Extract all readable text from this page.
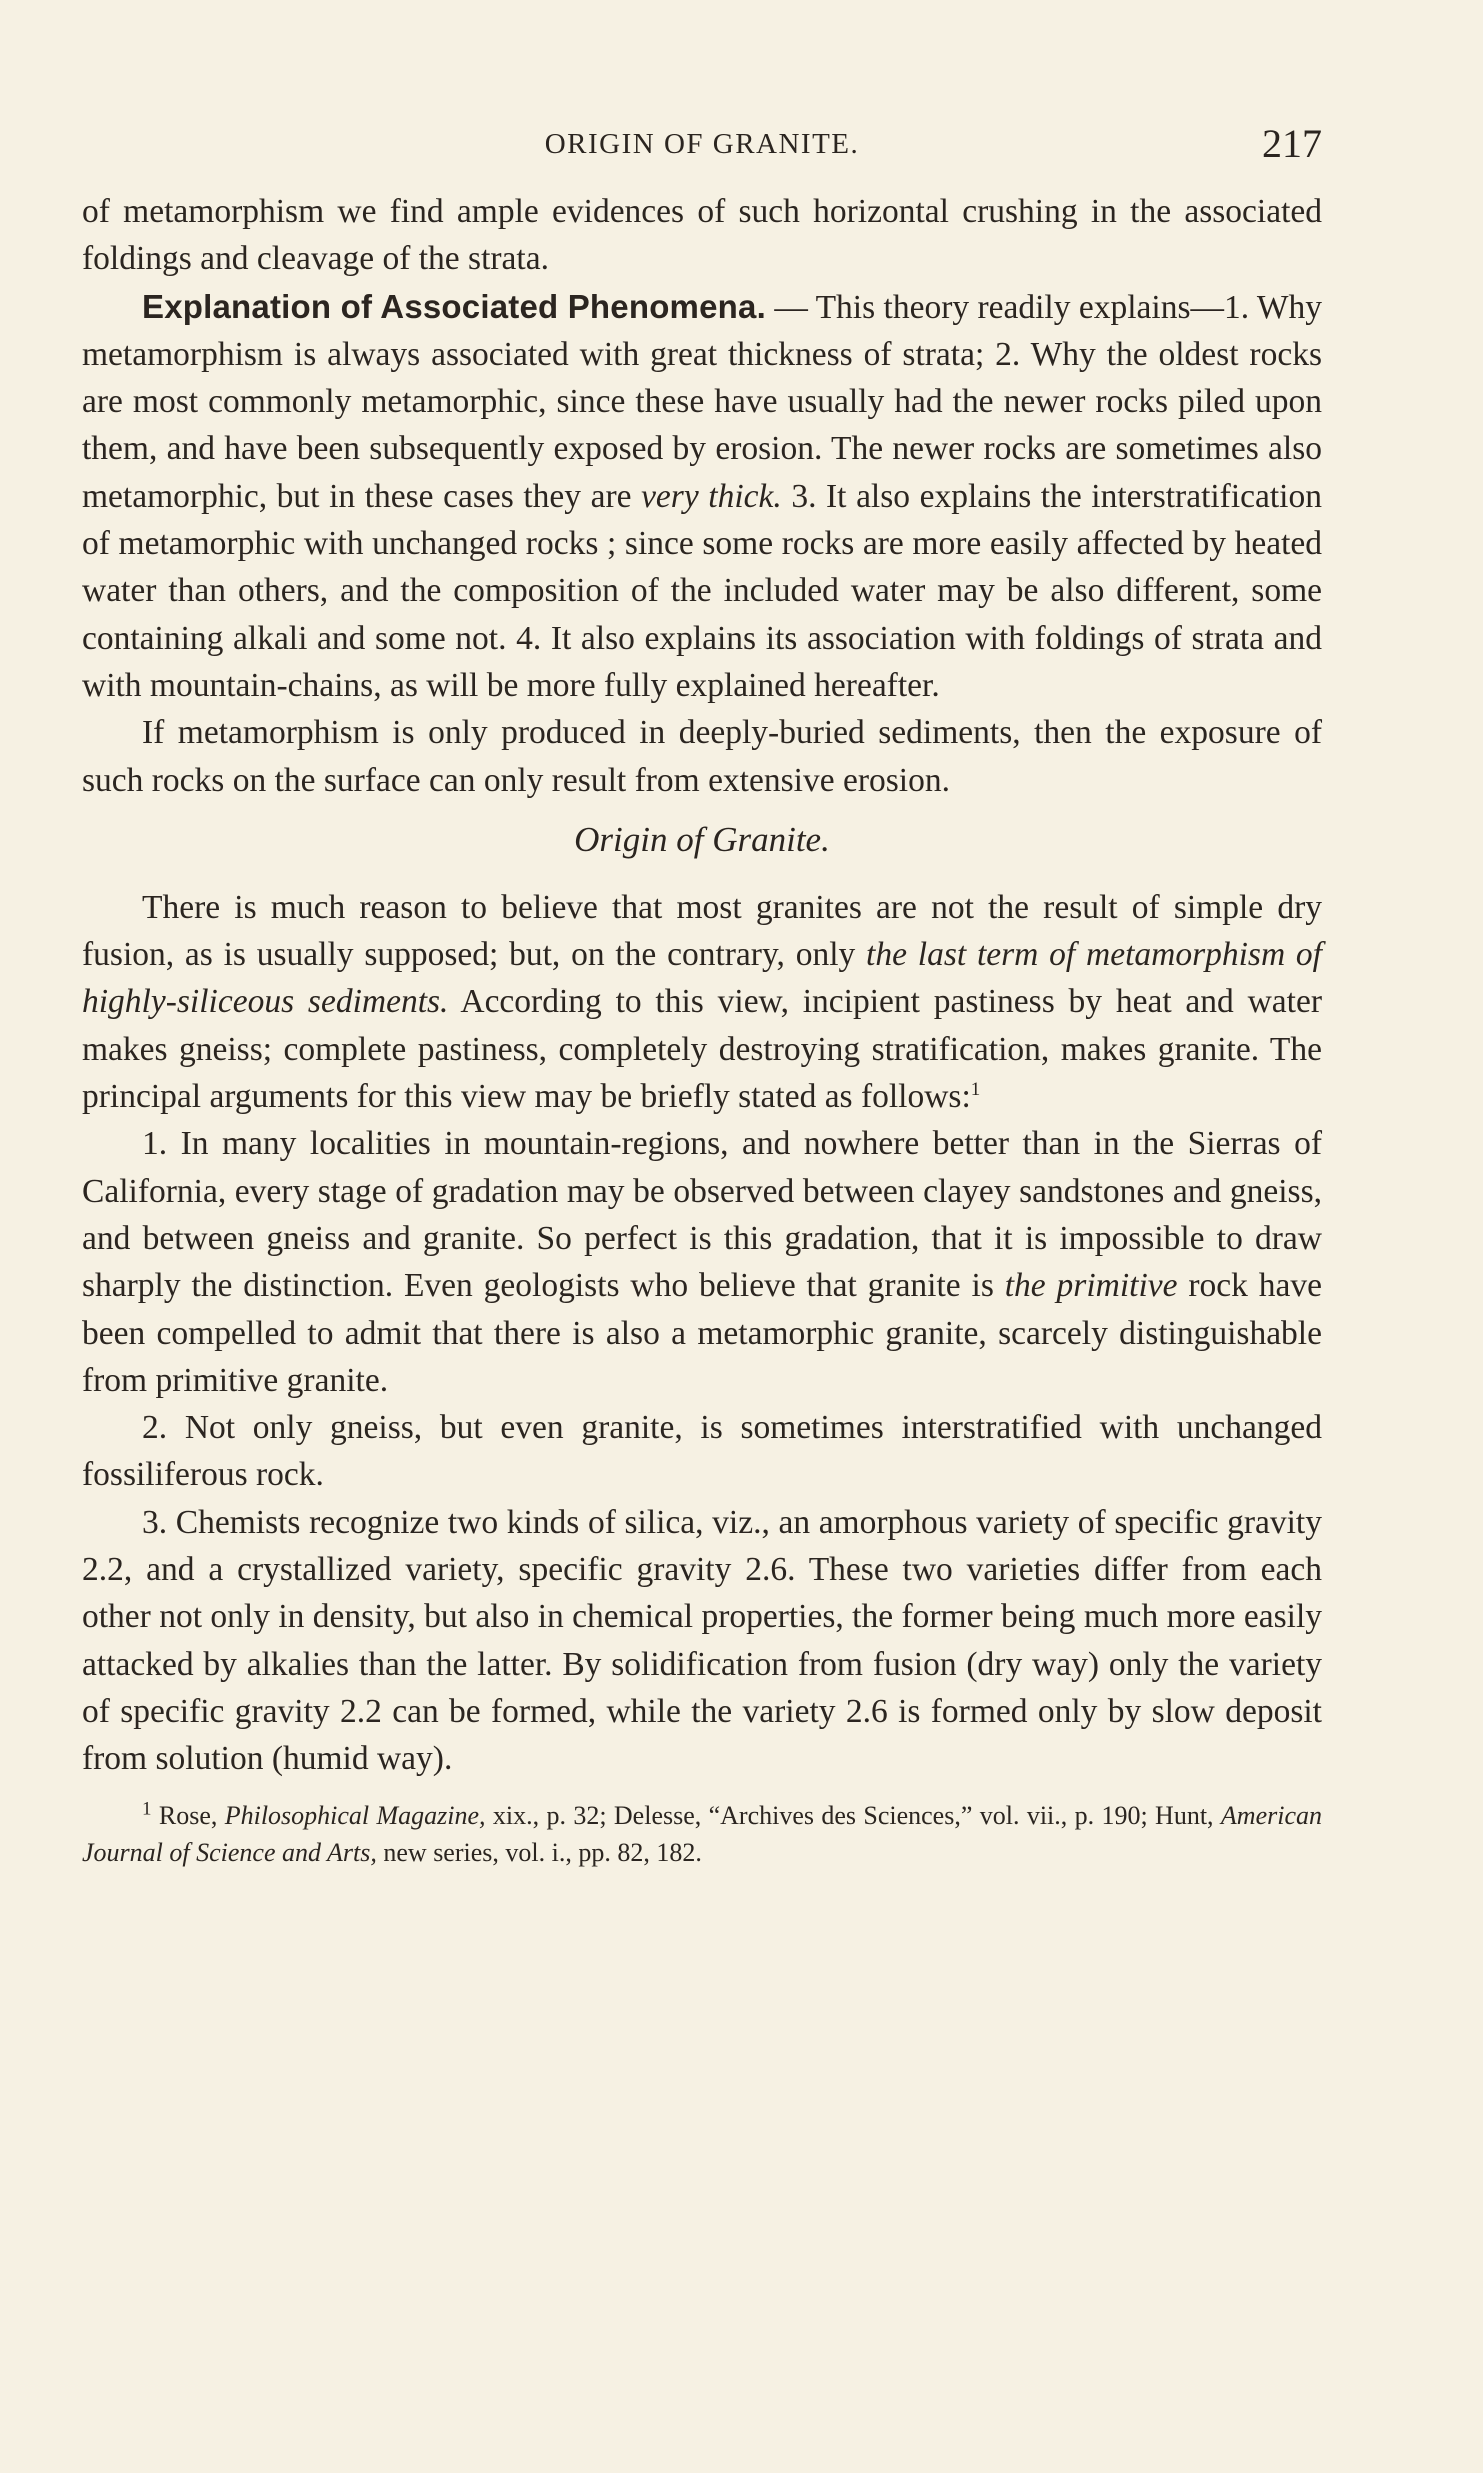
ORIGIN OF GRANITE.	217

of metamorphism we find ample evidences of such horizontal crushing in the associated foldings and cleavage of the strata.

Explanation of Associated Phenomena. — This theory readily explains—1. Why metamorphism is always associated with great thickness of strata; 2. Why the oldest rocks are most commonly metamorphic, since these have usually had the newer rocks piled upon them, and have been subsequently exposed by erosion. The newer rocks are sometimes also metamorphic, but in these cases they are very thick. 3. It also explains the interstratification of metamorphic with unchanged rocks ; since some rocks are more easily affected by heated water than others, and the composition of the included water may be also different, some containing alkali and some not. 4. It also explains its association with foldings of strata and with mountain-chains, as will be more fully explained hereafter.

If metamorphism is only produced in deeply-buried sediments, then the exposure of such rocks on the surface can only result from extensive erosion.

Origin of Granite.

There is much reason to believe that most granites are not the result of simple dry fusion, as is usually supposed; but, on the contrary, only the last term of metamorphism of highly-siliceous sediments. According to this view, incipient pastiness by heat and water makes gneiss; complete pastiness, completely destroying stratification, makes granite. The principal arguments for this view may be briefly stated as follows:$^1$

1. In many localities in mountain-regions, and nowhere better than in the Sierras of California, every stage of gradation may be observed between clayey sandstones and gneiss, and between gneiss and granite. So perfect is this gradation, that it is impossible to draw sharply the distinction. Even geologists who believe that granite is the primitive rock have been compelled to admit that there is also a metamorphic granite, scarcely distinguishable from primitive granite.

2. Not only gneiss, but even granite, is sometimes interstratified with unchanged fossiliferous rock.

3. Chemists recognize two kinds of silica, viz., an amorphous variety of specific gravity 2.2, and a crystallized variety, specific gravity 2.6. These two varieties differ from each other not only in density, but also in chemical properties, the former being much more easily attacked by alkalies than the latter. By solidification from fusion (dry way) only the variety of specific gravity 2.2 can be formed, while the variety 2.6 is formed only by slow deposit from solution (humid way).

$^1$ Rose, Philosophical Magazine, xix., p. 32; Delesse, “Archives des Sciences,” vol. vii., p. 190; Hunt, American Journal of Science and Arts, new series, vol. i., pp. 82, 182.
